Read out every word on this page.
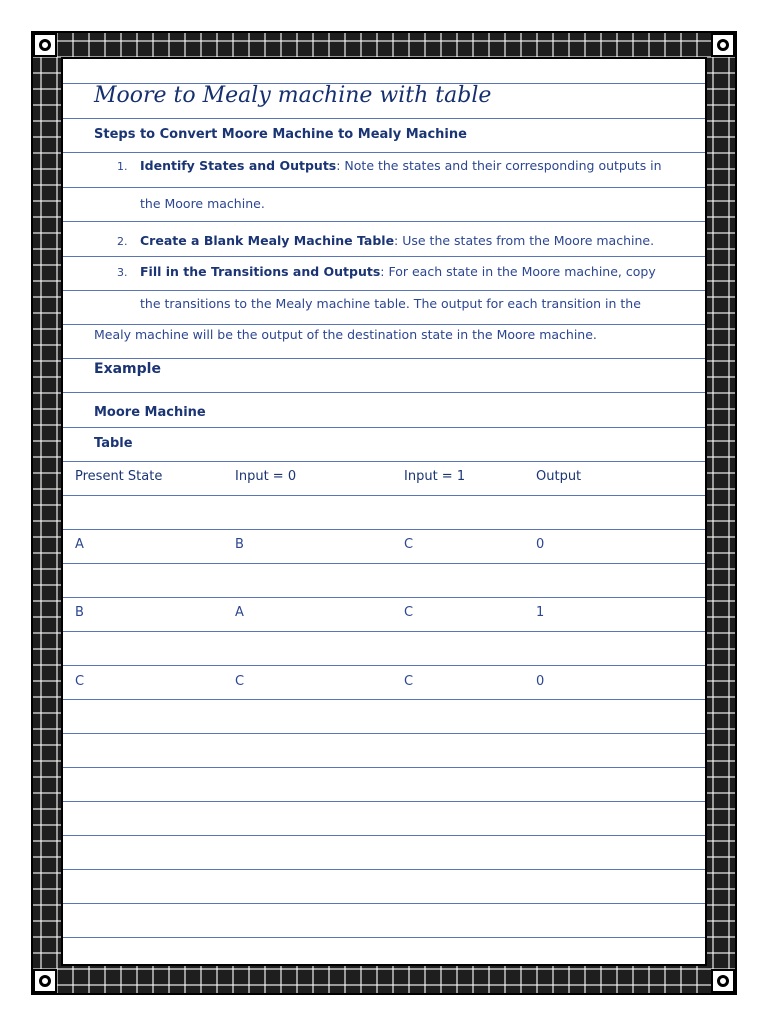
Moore to Mealy machine with table
Steps to Convert Moore Machine to Mealy Machine
1. Identify States and Outputs: Note the states and their corresponding outputs in
the Moore machine.
2. Create a Blank Mealy Machine Table: Use the states from the Moore machine.
3. Fill in the Transitions and Outputs: For each state in the Moore machine, copy
the transitions to the Mealy machine table. The output for each transition in the
Mealy machine will be the output of the destination state in the Moore machine.
Example
Moore Machine
Table
Present State	Input = 0	Input = 1	Output
A	B	C	0
B	A	C	1
C	C	C	0
